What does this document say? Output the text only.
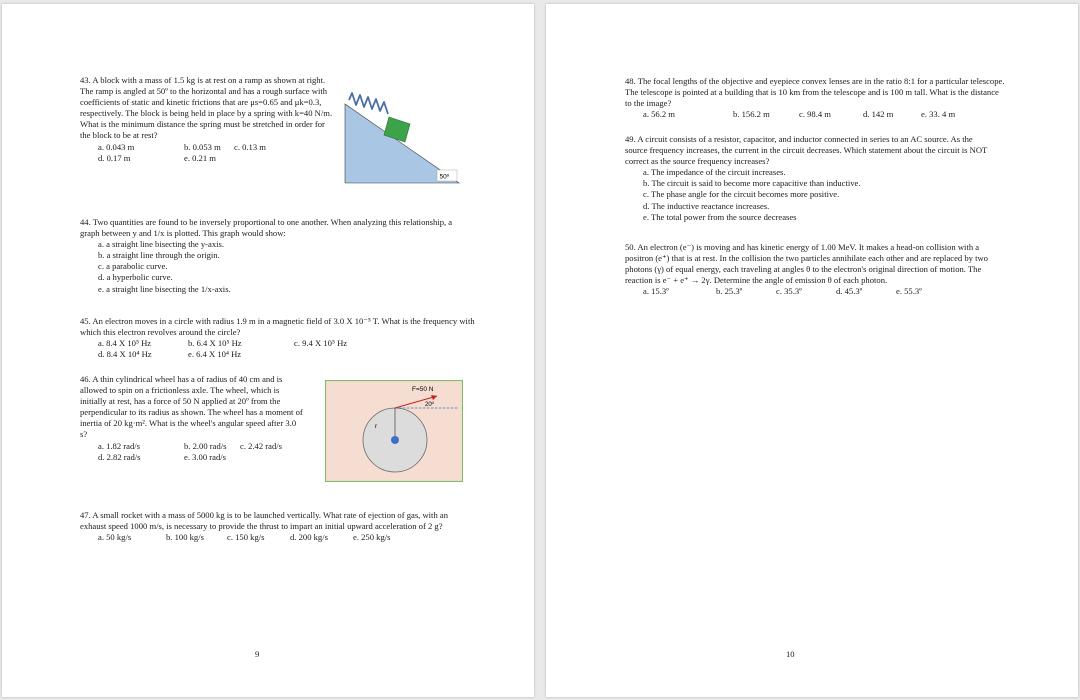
43. A block with a mass of 1.5 kg is at rest on a ramp as shown at right. The ramp is angled at 50º to the horizontal and has a rough surface with coefficients of static and kinetic frictions that are μs=0.65 and μk=0.3, respectively. The block is being held in place by a spring with k=40 N/m. What is the minimum distance the spring must be stretched in order for the block to be at rest?

a. 0.043 m	b. 0.053 m	c. 0.13 m
d. 0.17 m	e. 0.21 m
50º

44. Two quantities are found to be inversely proportional to one another. When analyzing this relationship, a graph between y and 1/x is plotted. This graph would show:

a. a straight line bisecting the y-axis.
b. a straight line through the origin.
c. a parabolic curve.
d. a hyperbolic curve.
e. a straight line bisecting the 1/x-axis.

45. An electron moves in a circle with radius 1.9 m in a magnetic field of 3.0 X 10⁻⁵ T. What is the frequency with which this electron revolves around the circle?

a. 8.4 X 10⁵ Hz	b. 6.4 X 10⁵ Hz	c. 9.4 X 10⁵ Hz
d. 8.4 X 10⁴ Hz	e. 6.4 X 10⁴ Hz

46. A thin cylindrical wheel has a of radius of 40 cm and is allowed to spin on a frictionless axle. The wheel, which is initially at rest, has a force of 50 N applied at 20º from the perpendicular to its radius as shown. The wheel has a moment of inertia of 20 kg·m². What is the wheel's angular speed after 3.0 s?

a. 1.82 rad/s	b. 2.00 rad/s	c. 2.42 rad/s
d. 2.82 rad/s	e. 3.00 rad/s
F=50 N
20º
r

47. A small rocket with a mass of 5000 kg is to be launched vertically. What rate of ejection of gas, with an exhaust speed 1000 m/s, is necessary to provide the thrust to impart an initial upward acceleration of 2 g?

a. 50 kg/s	b. 100 kg/s	c. 150 kg/s	d. 200 kg/s	e. 250 kg/s
9

48. The focal lengths of the objective and eyepiece convex lenses are in the ratio 8:1 for a particular telescope. The telescope is pointed at a building that is 10 km from the telescope and is 100 m tall. What is the distance to the image?

a. 56.2 m	b. 156.2 m	c. 98.4 m	d. 142 m	e. 33. 4 m

49. A circuit consists of a resistor, capacitor, and inductor connected in series to an AC source. As the source frequency increases, the current in the circuit decreases. Which statement about the circuit is NOT correct as the source frequency increases?

a. The impedance of the circuit increases.
b. The circuit is said to become more capacitive than inductive.
c. The phase angle for the circuit becomes more positive.
d. The inductive reactance increases.
e. The total power from the source decreases

50. An electron (e⁻) is moving and has kinetic energy of 1.00 MeV. It makes a head-on collision with a positron (e⁺) that is at rest. In the collision the two particles annihilate each other and are replaced by two photons (γ) of equal energy, each traveling at angles θ to the electron's original direction of motion. The reaction is e⁻ + e⁺ → 2γ. Determine the angle of emission θ of each photon.

a. 15.3º	b. 25.3º	c. 35.3º	d. 45.3º	e. 55.3º
10
